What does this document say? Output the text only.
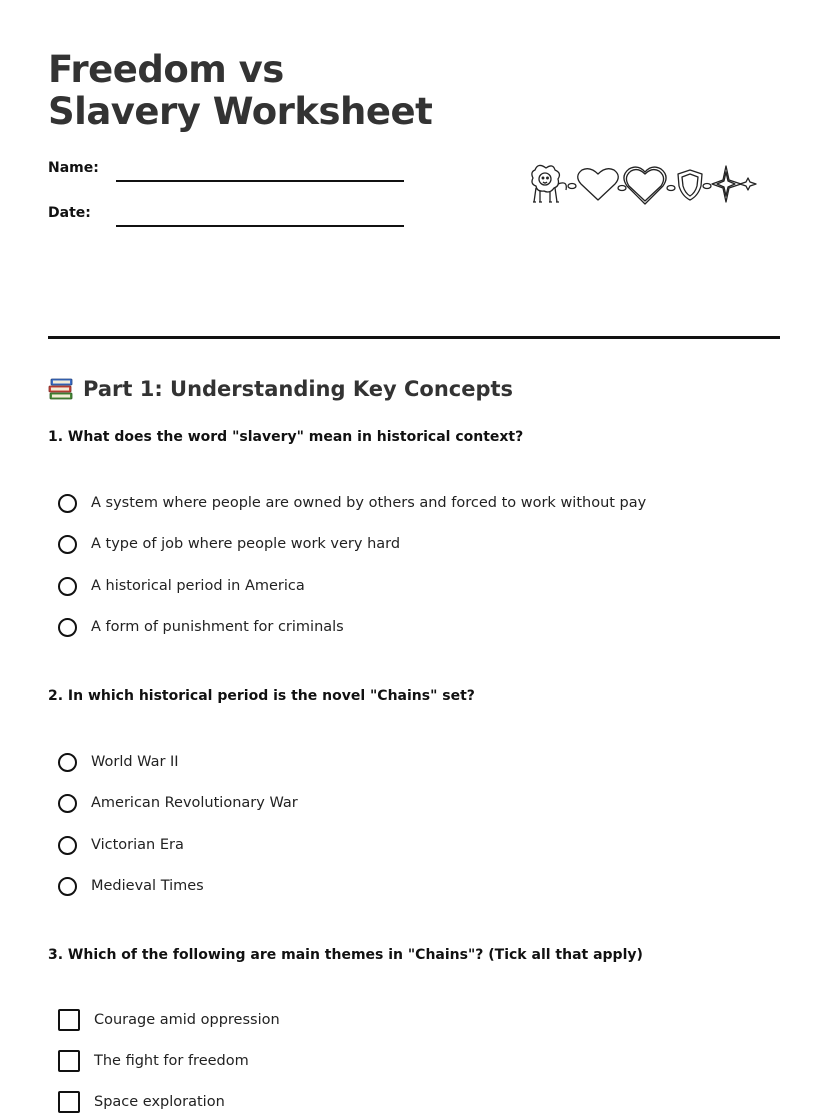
Freedom vs Slavery Worksheet
Name:
Date:
Part 1: Understanding Key Concepts

1. What does the word "slavery" mean in historical context?

A system where people are owned by others and forced to work without pay
A type of job where people work very hard
A historical period in America
A form of punishment for criminals

2. In which historical period is the novel "Chains" set?

World War II
American Revolutionary War
Victorian Era
Medieval Times

3. Which of the following are main themes in "Chains"? (Tick all that apply)

Courage amid oppression
The fight for freedom
Space exploration
